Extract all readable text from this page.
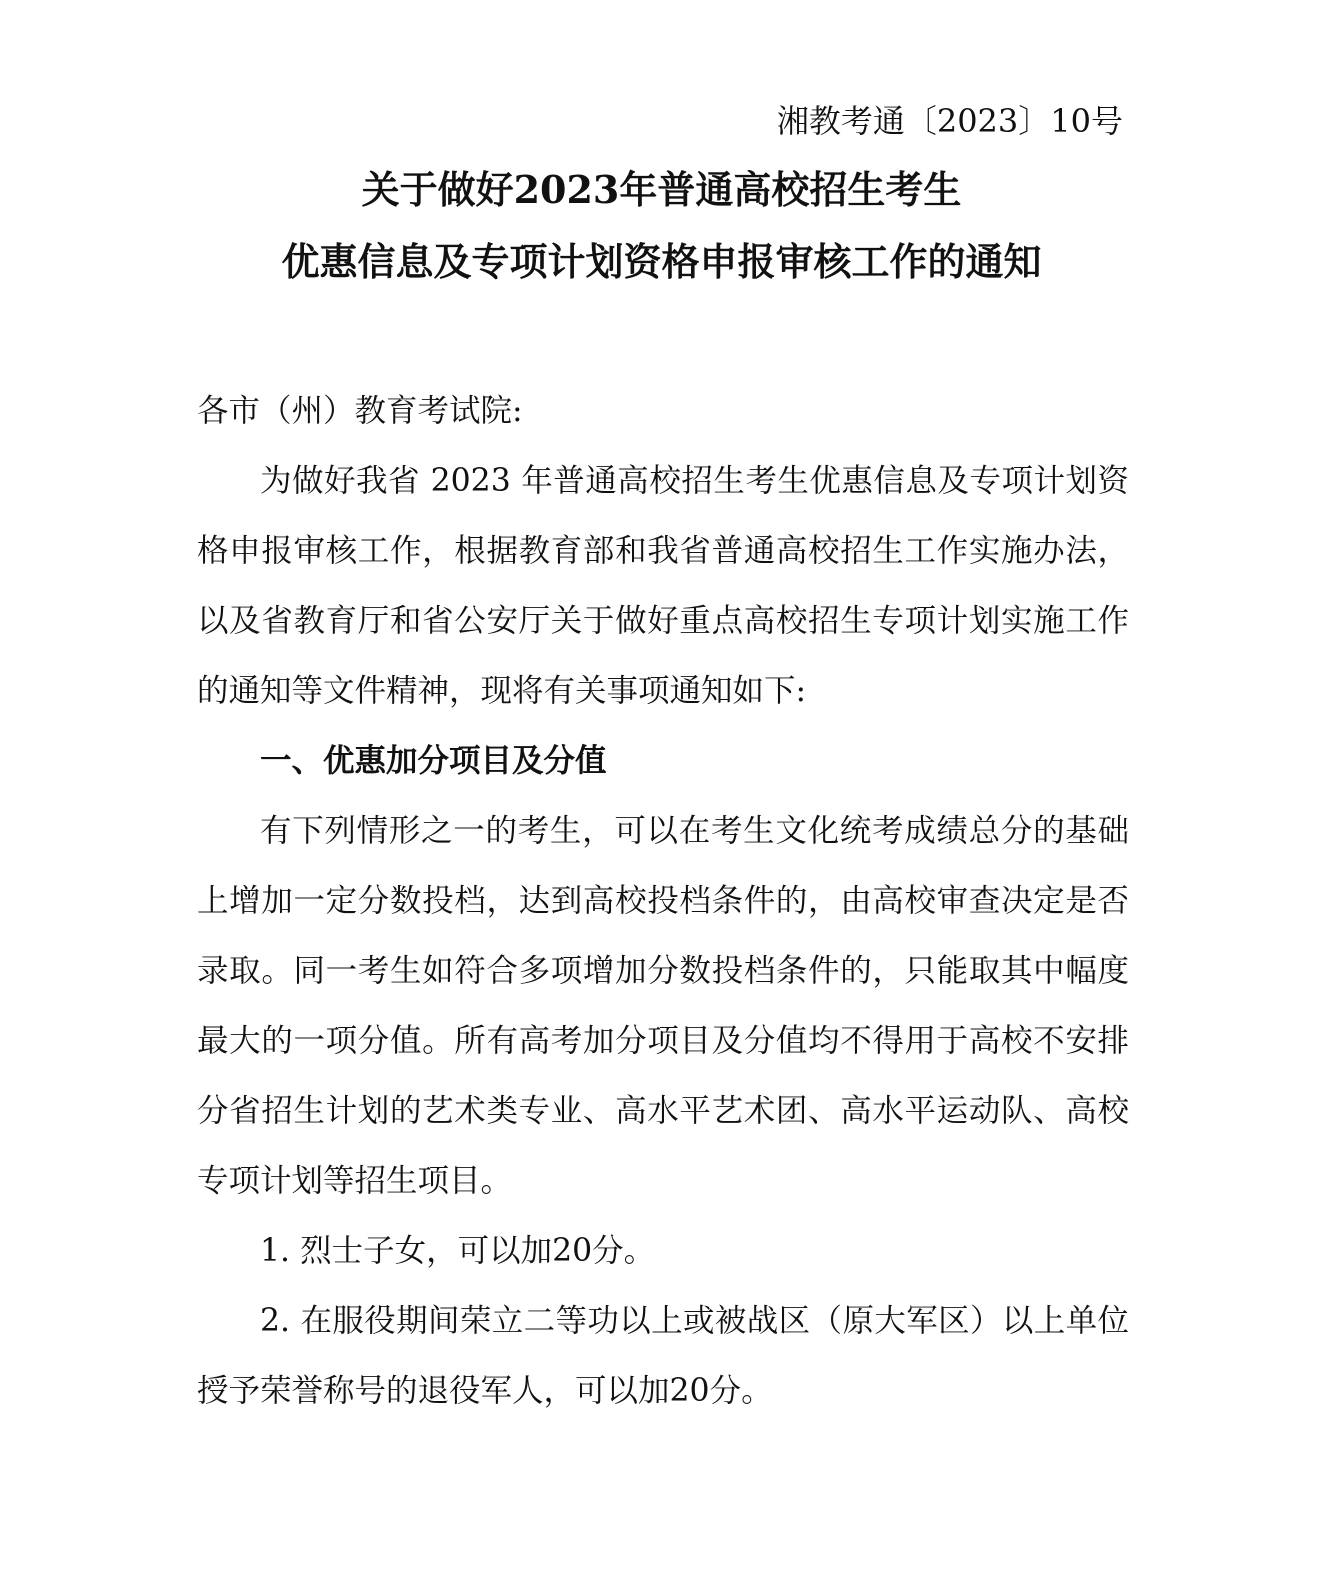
湘教考通〔2023〕10号
关于做好2023年普通高校招生考生
优惠信息及专项计划资格申报审核工作的通知

各市（州）教育考试院:

为做好我省 2023 年普通高校招生考生优惠信息及专项计划资格申报审核工作，根据教育部和我省普通高校招生工作实施办法，以及省教育厅和省公安厅关于做好重点高校招生专项计划实施工作的通知等文件精神，现将有关事项通知如下:

一、优惠加分项目及分值

有下列情形之一的考生，可以在考生文化统考成绩总分的基础上增加一定分数投档，达到高校投档条件的，由高校审查决定是否录取。同一考生如符合多项增加分数投档条件的，只能取其中幅度最大的一项分值。所有高考加分项目及分值均不得用于高校不安排分省招生计划的艺术类专业、高水平艺术团、高水平运动队、高校专项计划等招生项目。

1. 烈士子女，可以加20分。

2. 在服役期间荣立二等功以上或被战区（原大军区）以上单位授予荣誉称号的退役军人，可以加20分。
